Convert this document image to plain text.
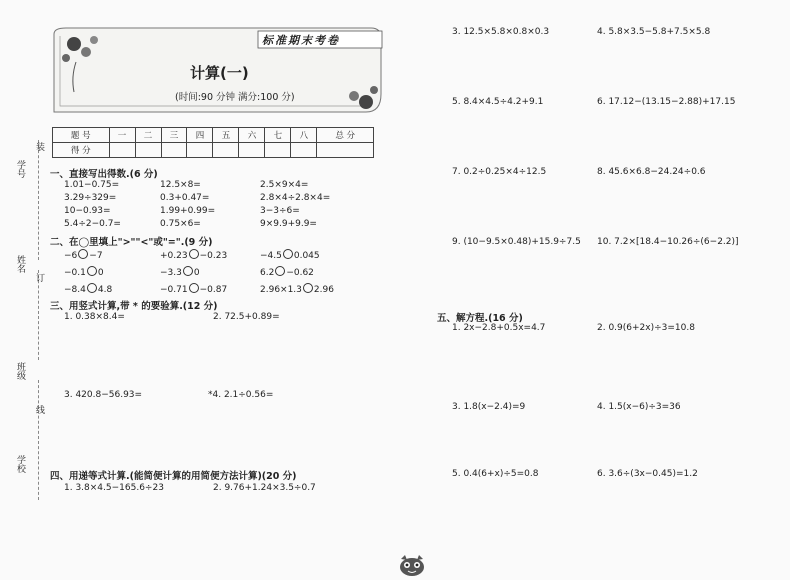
装
学号
姓名
订
班级
线
学校
标准期末考卷
计算(一)
(时间:90 分钟 满分:100 分)
题 号	一	二	三	四	五	六	七	八	总 分
得 分									
一、直接写出得数.(6 分)
1.01−0.75=	12.5×8=	2.5×9×4=
3.29÷329=	0.3+0.47=	2.8×4÷2.8×4=
10−0.93=	1.99+0.99=	3−3÷6=
5.4÷2−0.7=	0.75×6=	9×9.9+9.9=
二、在◯里填上">""<"或"=".(9 分)
−6 −7	+0.23 −0.23	−4.5 0.045
−0.1 0	−3.3 0	6.2 −0.62
−8.4 4.8	−0.71 −0.87	2.96×1.3 2.96
三、用竖式计算,带 * 的要验算.(12 分)
1. 0.38×8.4=	2. 72.5+0.89=
3. 420.8−56.93=	*4. 2.1÷0.56=
四、用递等式计算.(能简便计算的用简便方法计算)(20 分)
1. 3.8×4.5−165.6÷23	2. 9.76+1.24×3.5÷0.7
3. 12.5×5.8×0.8×0.3	4. 5.8×3.5−5.8+7.5×5.8
5. 8.4×4.5÷4.2+9.1	6. 17.12−(13.15−2.88)+17.15
7. 0.2÷0.25×4÷12.5	8. 45.6×6.8−24.24÷0.6
9. (10−9.5×0.48)+15.9÷7.5 10. 7.2×[18.4−10.26÷(6−2.2)]
五、解方程.(16 分)
1. 2x−2.8+0.5x=4.7	2. 0.9(6+2x)÷3=10.8
3. 1.8(x−2.4)=9	4. 1.5(x−6)÷3=36
5. 0.4(6+x)÷5=0.8	6. 3.6÷(3x−0.45)=1.2
